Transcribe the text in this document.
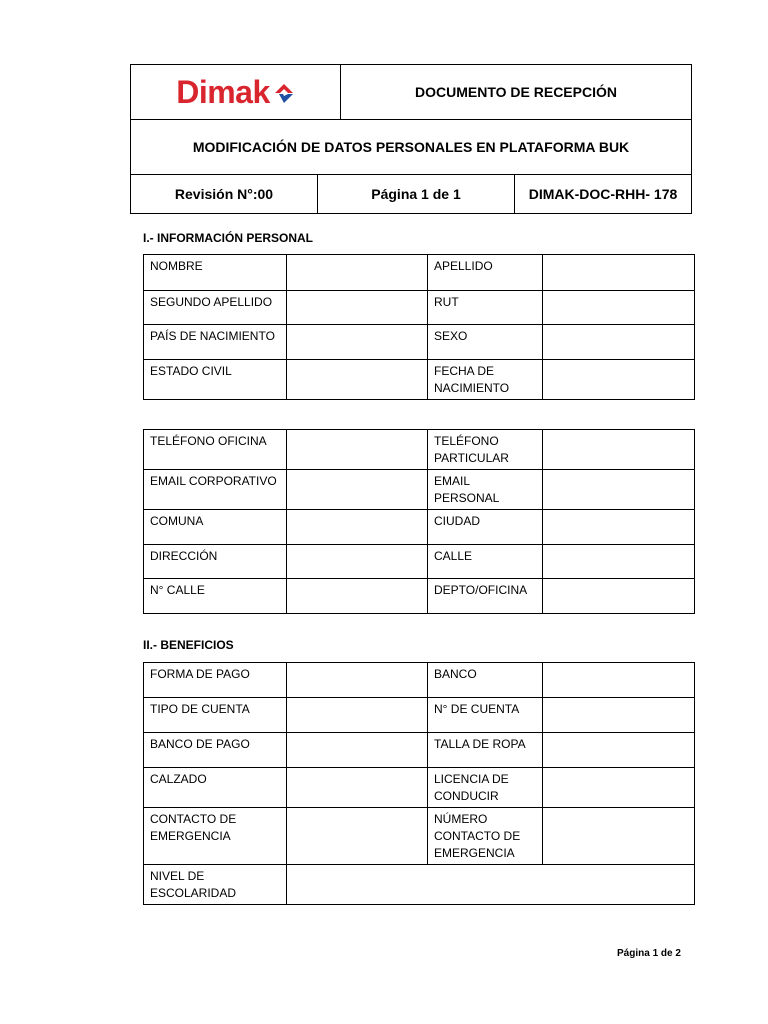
Dimak	DOCUMENTO DE RECEPCIÓN
MODIFICACIÓN DE DATOS PERSONALES EN PLATAFORMA BUK
Revisión N°:00	Página 1 de 1	DIMAK-DOC-RHH- 178
I.- INFORMACIÓN PERSONAL
NOMBRE		APELLIDO	
SEGUNDO APELLIDO		RUT	
PAÍS DE NACIMIENTO		SEXO	
ESTADO CIVIL		FECHA DE NACIMIENTO	
TELÉFONO OFICINA		TELÉFONO PARTICULAR	
EMAIL CORPORATIVO		EMAIL PERSONAL	
COMUNA		CIUDAD	
DIRECCIÓN		CALLE	
N° CALLE		DEPTO/OFICINA	
II.- BENEFICIOS
FORMA DE PAGO		BANCO	
TIPO DE CUENTA		N° DE CUENTA	
BANCO DE PAGO		TALLA DE ROPA	
CALZADO		LICENCIA DE CONDUCIR	
CONTACTO DE EMERGENCIA		NÚMERO CONTACTO DE EMERGENCIA	
NIVEL DE ESCOLARIDAD			
Página 1 de 2
